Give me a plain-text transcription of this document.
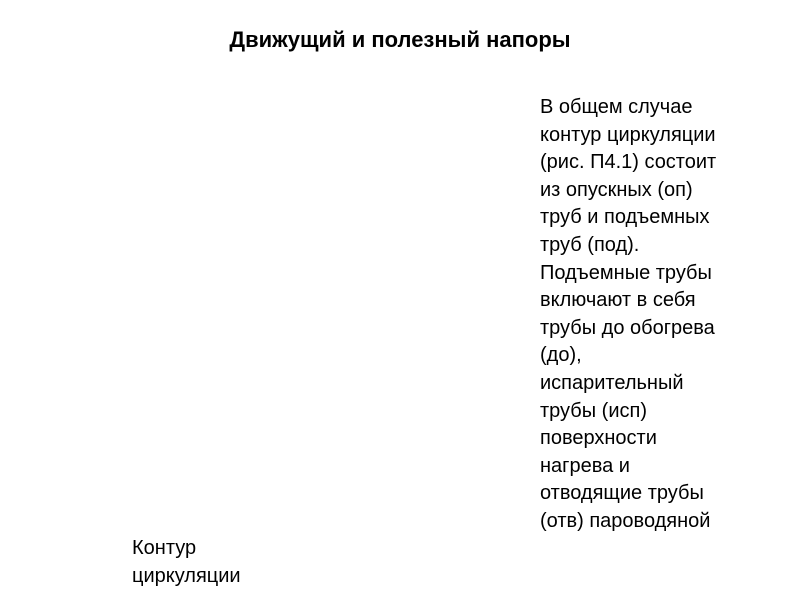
Движущий и полезный напоры
Контур
циркуляции
В общем случае
контур циркуляции
(рис. П4.1) состоит
из опускных (оп)
труб и подъемных
труб (под).
Подъемные трубы
включают в себя
трубы до обогрева
(до),
испарительный
трубы (исп)
поверхности
нагрева и
отводящие трубы
(отв) пароводяной
